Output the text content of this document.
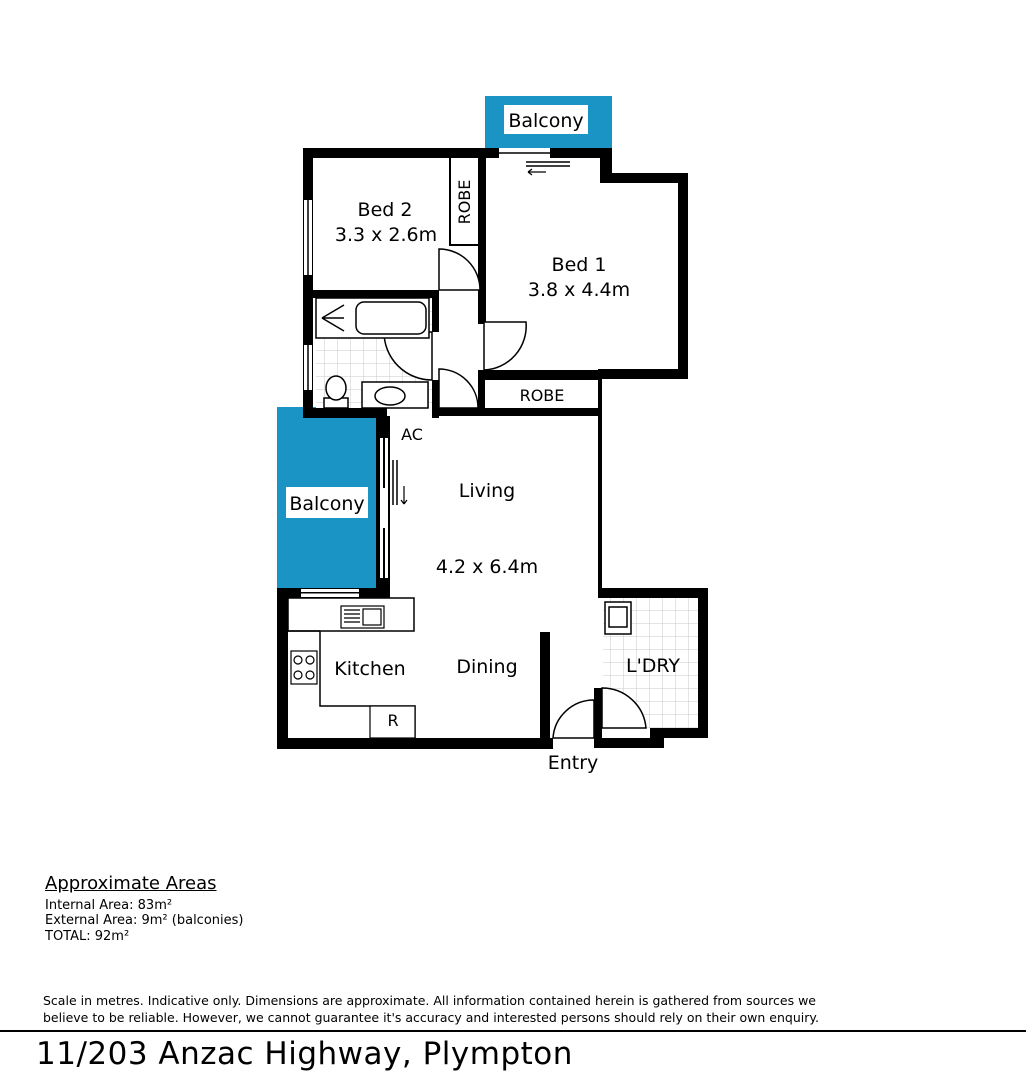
Balcony
Bed 2
3.3 x 2.6m
ROBE
Bed 1
3.8 x 4.4m
ROBE
AC
Living
4.2 x 6.4m
Balcony
Kitchen	Dining	L'DRY
R
Entry
Approximate Areas
Internal Area: 83m²
External Area: 9m² (balconies)
TOTAL: 92m²
Scale in metres. Indicative only. Dimensions are approximate. All information contained herein is gathered from sources we believe to be reliable. However, we cannot guarantee it's accuracy and interested persons should rely on their own enquiry.
11/203 Anzac Highway, Plympton
